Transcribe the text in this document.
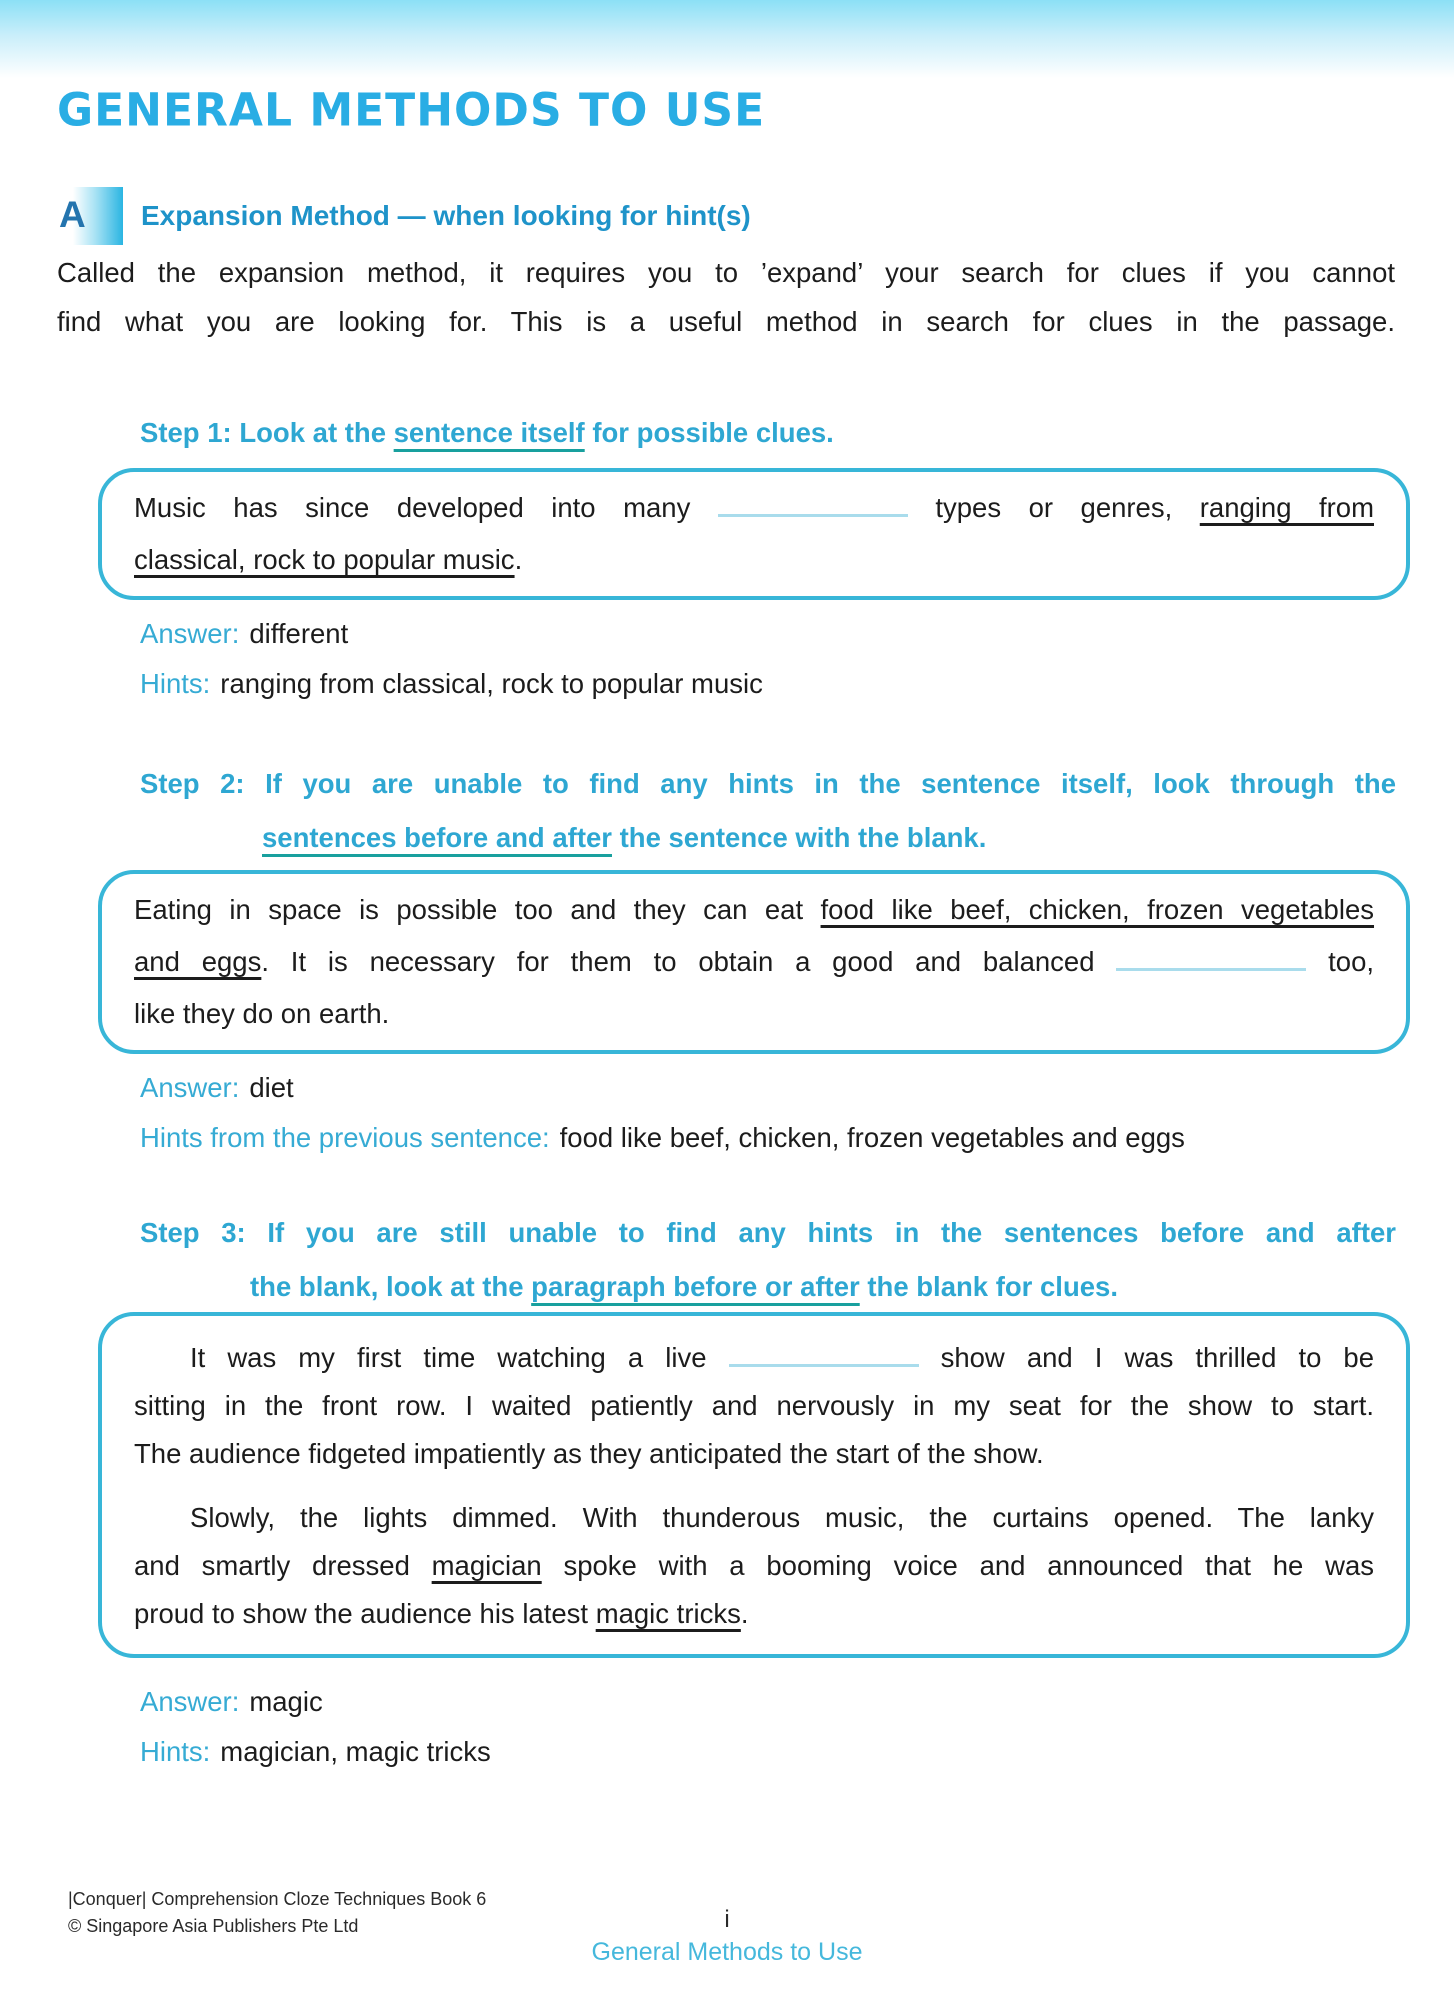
GENERAL METHODS TO USE
A Expansion Method — when looking for hint(s)
Called the expansion method, it requires you to ’expand’ your search for clues if you cannot
find what you are looking for. This is a useful method in search for clues in the passage.
Step 1: Look at the sentence itself for possible clues.
Music has since developed into many	types or genres, ranging from
classical, rock to popular music.
Answer: different
Hints: ranging from classical, rock to popular music
Step 2: If you are unable to find any hints in the sentence itself, look through the
sentences before and after the sentence with the blank.
Eating in space is possible too and they can eat food like beef, chicken, frozen vegetables
and eggs. It is necessary for them to obtain a good and balanced	too,
like they do on earth.
Answer: diet
Hints from the previous sentence: food like beef, chicken, frozen vegetables and eggs
Step 3: If you are still unable to find any hints in the sentences before and after
the blank, look at the paragraph before or after the blank for clues.
It was my first time watching a live	show and I was thrilled to be
sitting in the front row. I waited patiently and nervously in my seat for the show to start.
The audience fidgeted impatiently as they anticipated the start of the show.
Slowly, the lights dimmed. With thunderous music, the curtains opened. The lanky
and smartly dressed magician spoke with a booming voice and announced that he was
proud to show the audience his latest magic tricks.
Answer: magic
Hints: magician, magic tricks
|Conquer| Comprehension Cloze Techniques Book 6
© Singapore Asia Publishers Pte Ltd	i
General Methods to Use
